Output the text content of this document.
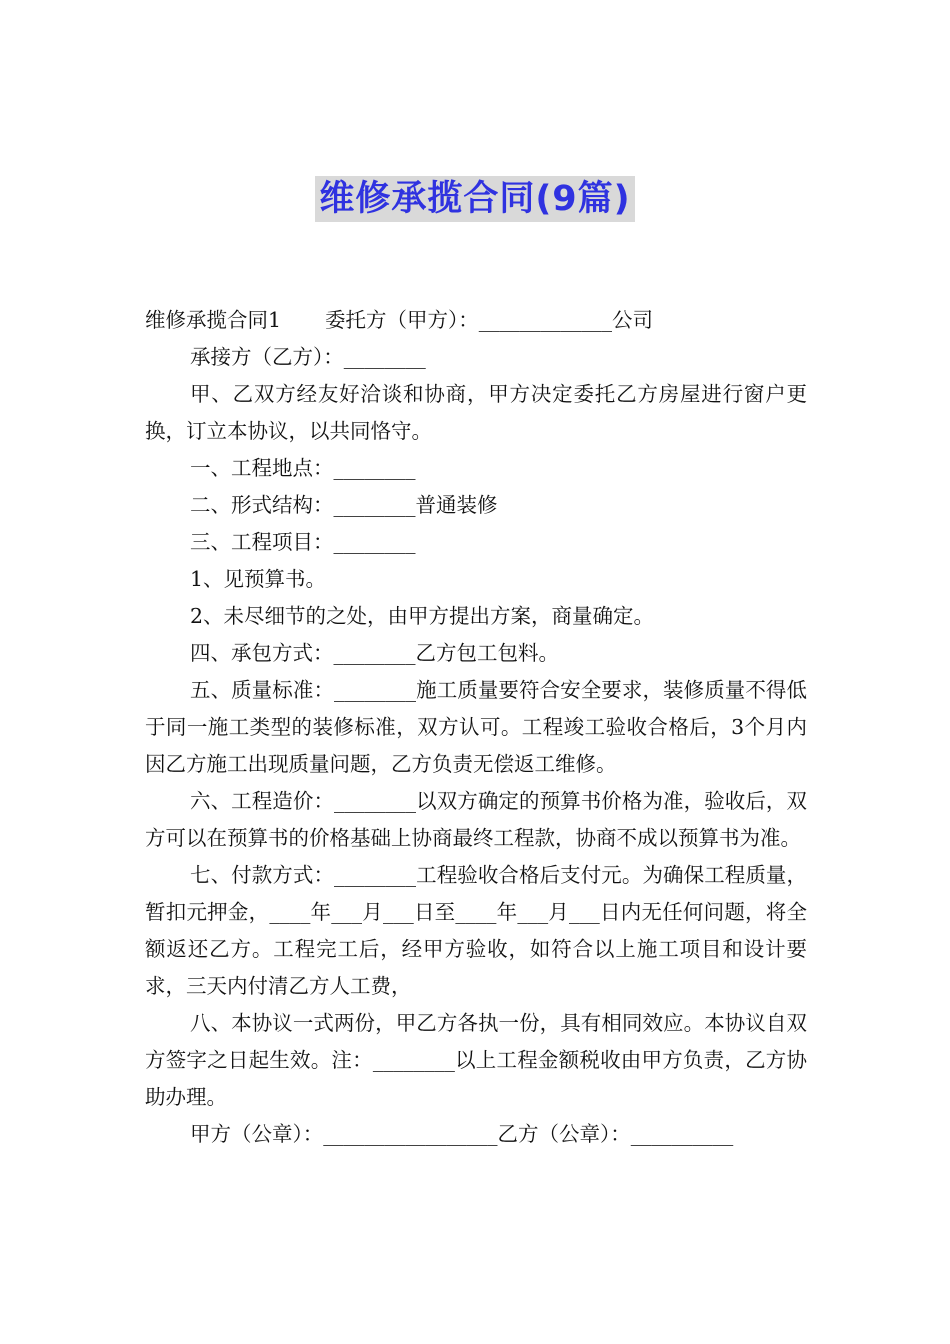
维修承揽合同(9篇)
维修承揽合同1 委托方（甲方）：_____________公司

承接方（乙方）：________

甲、乙双方经友好洽谈和协商，甲方决定委托乙方房屋进行窗户更换，订立本协议，以共同恪守。

一、工程地点：________

二、形式结构：________普通装修

三、工程项目：________

1、见预算书。

2、未尽细节的之处，由甲方提出方案，商量确定。

四、承包方式：________乙方包工包料。

五、质量标准：________施工质量要符合安全要求，装修质量不得低于同一施工类型的装修标准，双方认可。工程竣工验收合格后，3个月内因乙方施工出现质量问题，乙方负责无偿返工维修。

六、工程造价：________以双方确定的预算书价格为准，验收后，双方可以在预算书的价格基础上协商最终工程款，协商不成以预算书为准。

七、付款方式：________工程验收合格后支付元。为确保工程质量，暂扣元押金，____年___月___日至____年___月___日内无任何问题，将全额返还乙方。工程完工后，经甲方验收，如符合以上施工项目和设计要求，三天内付清乙方人工费，

八、本协议一式两份，甲乙方各执一份，具有相同效应。本协议自双方签字之日起生效。注：________以上工程金额税收由甲方负责，乙方协助办理。

甲方（公章）：_________________乙方（公章）：__________
